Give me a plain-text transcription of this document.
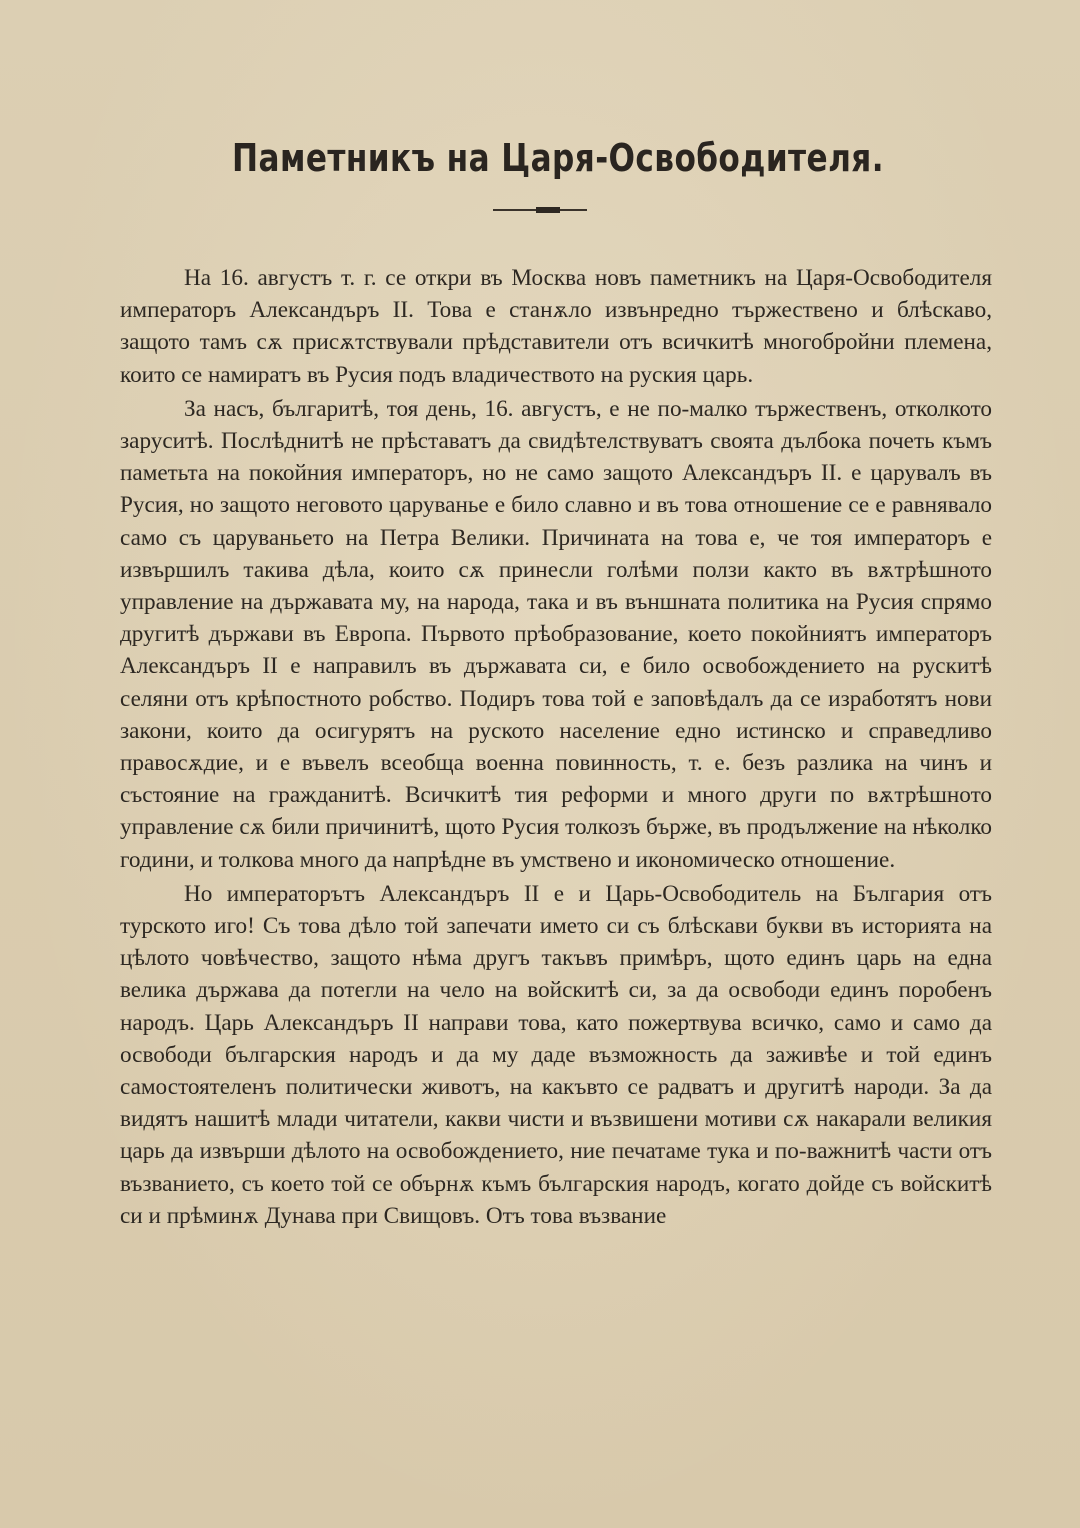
Паметникъ на Царя-Освободителя.

На 16. августъ т. г. се откри въ Москва новъ паметникъ на Царя-Освободителя императоръ Александъръ II. Това е станѫло извънредно тържествено и блѣскаво, защото тамъ сѫ присѫтствували прѣдставители отъ всичкитѣ многобройни племена, които се намиратъ въ Русия подъ владичеството на руския царь.

За насъ, българитѣ, тоя день, 16. августъ, е не по-малко тържественъ, отколкото заруситѣ. Послѣднитѣ не прѣставатъ да свидѣтелствуватъ своята дълбока почеть къмъ паметьта на покойния императоръ, но не само защото Александъръ II. е царувалъ въ Русия, но защото неговото царуванье е било славно и въ това отношение се е равнявало само съ царуваньето на Петра Велики. Причината на това е, че тоя императоръ е извършилъ такива дѣла, които сѫ принесли голѣми ползи както въ вѫтрѣшното управление на държавата му, на народа, така и въ външната политика на Русия спрямо другитѣ държави въ Европа. Първото прѣобразование, което покойниятъ императоръ Александъръ II е направилъ въ държавата си, е било освобождението на рускитѣ селяни отъ крѣпостното робство. Подиръ това той е заповѣдалъ да се изработятъ нови закони, които да осигурятъ на руското население едно истинско и справедливо правосѫдие, и е въвелъ всеобща военна повинность, т. е. безъ разлика на чинъ и състояние на гражданитѣ. Всичкитѣ тия реформи и много други по вѫтрѣшното управление сѫ били причинитѣ, щото Русия толкозъ бърже, въ продължение на нѣколко години, и толкова много да напрѣдне въ умствено и икономическо отношение.

Но императорътъ Александъръ II е и Царь-Освободитель на България отъ турското иго! Съ това дѣло той запечати името си съ блѣскави букви въ историята на цѣлото човѣчество, защото нѣма другъ такъвъ примѣръ, щото единъ царь на една велика държава да потегли на чело на войскитѣ си, за да освободи единъ поробенъ народъ. Царь Александъръ II направи това, като пожертвува всичко, само и само да освободи българския народъ и да му даде възможность да заживѣе и той единъ самостоятеленъ политически животъ, на какъвто се радватъ и другитѣ народи. За да видятъ нашитѣ млади читатели, какви чисти и възвишени мотиви сѫ накарали великия царь да извърши дѣлото на освобождението, ние печатаме тука и по-важнитѣ части отъ възванието, съ което той се обърнѫ къмъ българския народъ, когато дойде съ войскитѣ си и прѣминѫ Дунава при Свищовъ. Отъ това възвание
